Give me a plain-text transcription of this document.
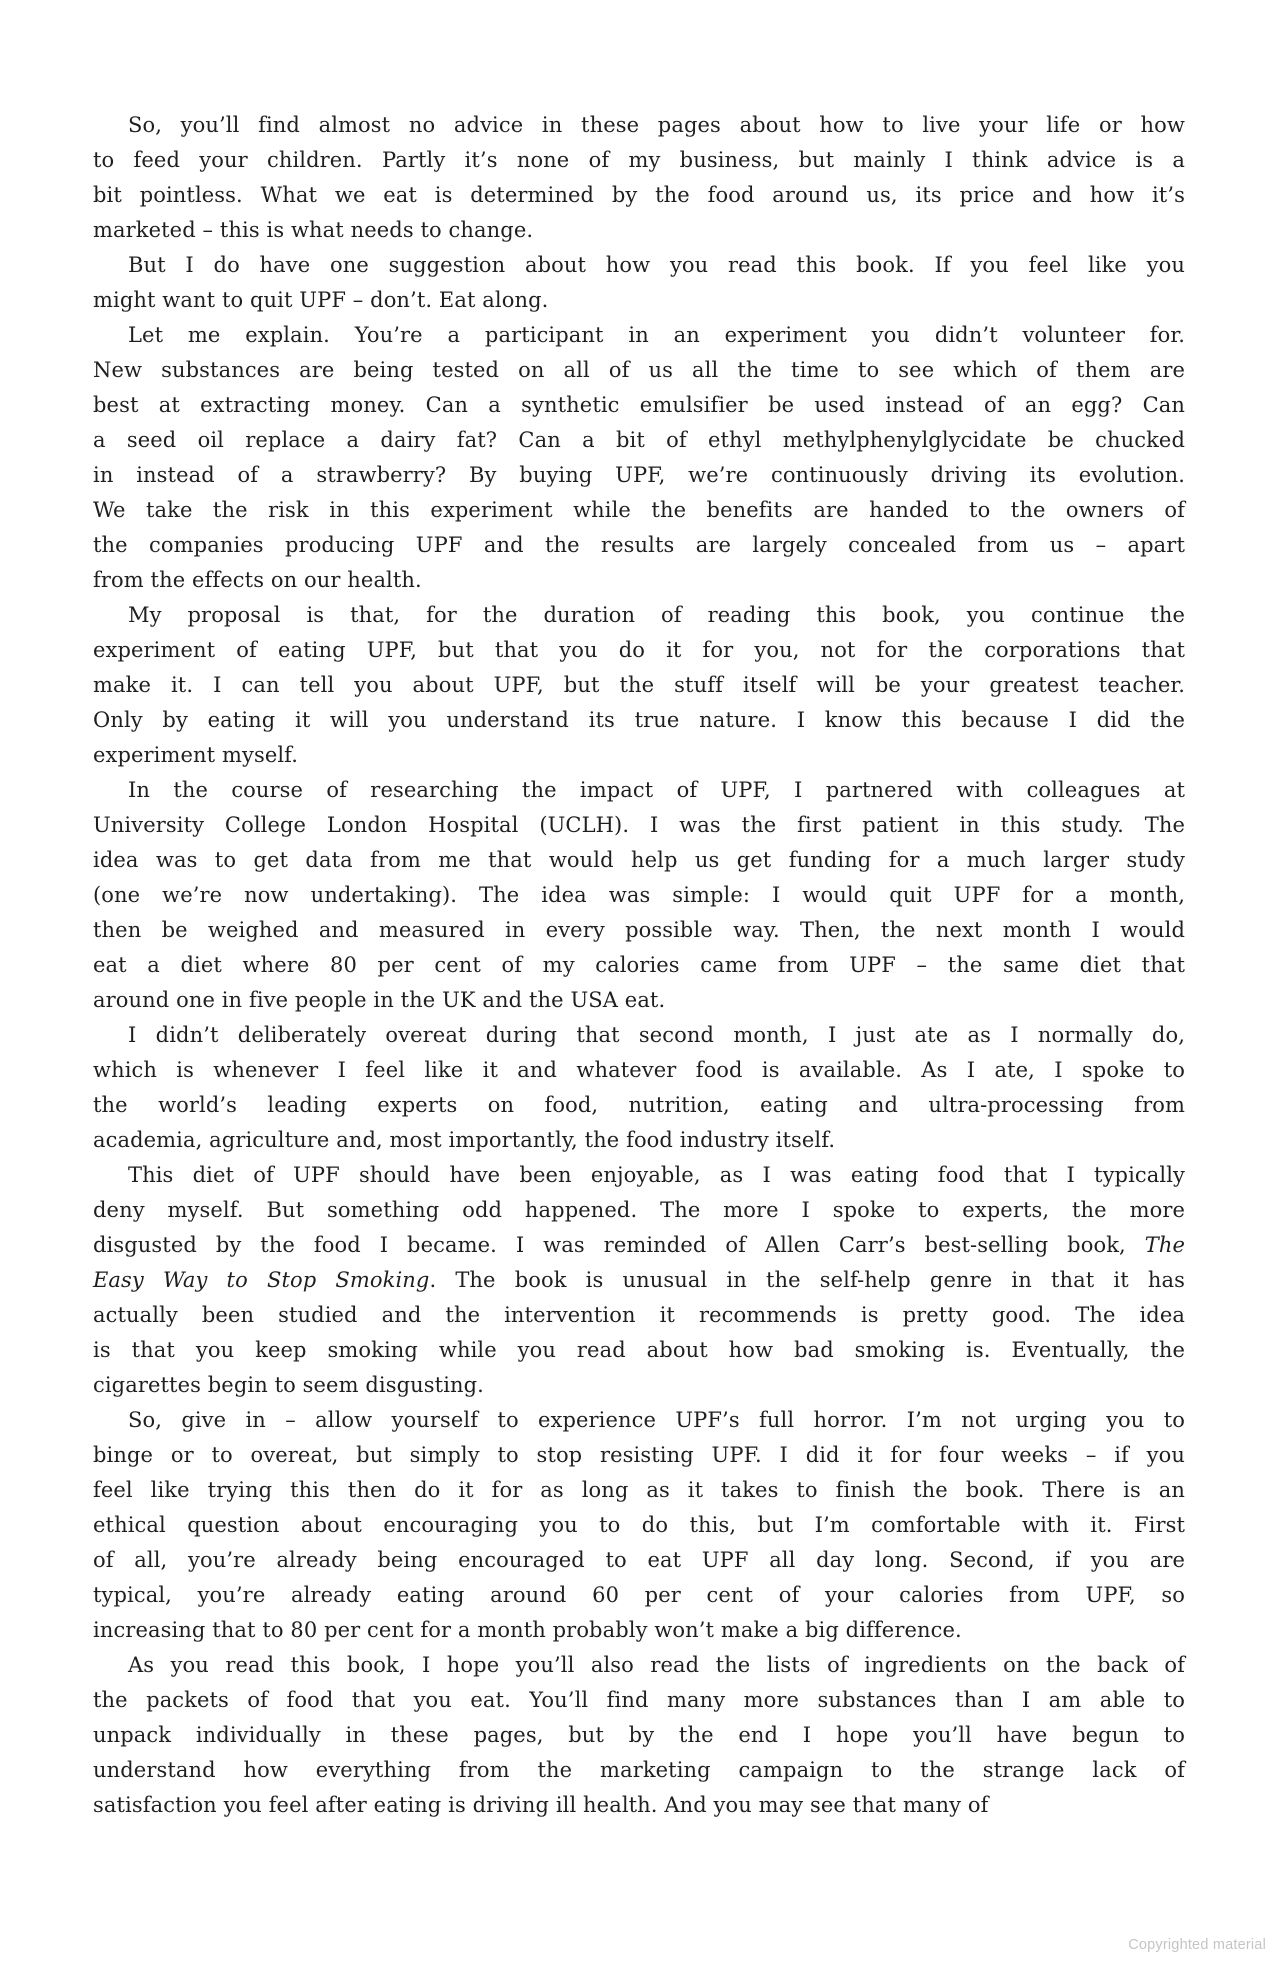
So, you’ll find almost no advice in these pages about how to live your life or how
to feed your children. Partly it’s none of my business, but mainly I think advice is a
bit pointless. What we eat is determined by the food around us, its price and how it’s
marketed – this is what needs to change.
But I do have one suggestion about how you read this book. If you feel like you
might want to quit UPF – don’t. Eat along.
Let me explain. You’re a participant in an experiment you didn’t volunteer for.
New substances are being tested on all of us all the time to see which of them are
best at extracting money. Can a synthetic emulsifier be used instead of an egg? Can
a seed oil replace a dairy fat? Can a bit of ethyl methylphenylglycidate be chucked
in instead of a strawberry? By buying UPF, we’re continuously driving its evolution.
We take the risk in this experiment while the benefits are handed to the owners of
the companies producing UPF and the results are largely concealed from us – apart
from the effects on our health.
My proposal is that, for the duration of reading this book, you continue the
experiment of eating UPF, but that you do it for you, not for the corporations that
make it. I can tell you about UPF, but the stuff itself will be your greatest teacher.
Only by eating it will you understand its true nature. I know this because I did the
experiment myself.
In the course of researching the impact of UPF, I partnered with colleagues at
University College London Hospital (UCLH). I was the first patient in this study. The
idea was to get data from me that would help us get funding for a much larger study
(one we’re now undertaking). The idea was simple: I would quit UPF for a month,
then be weighed and measured in every possible way. Then, the next month I would
eat a diet where 80 per cent of my calories came from UPF – the same diet that
around one in five people in the UK and the USA eat.
I didn’t deliberately overeat during that second month, I just ate as I normally do,
which is whenever I feel like it and whatever food is available. As I ate, I spoke to
the world’s leading experts on food, nutrition, eating and ultra-processing from
academia, agriculture and, most importantly, the food industry itself.
This diet of UPF should have been enjoyable, as I was eating food that I typically
deny myself. But something odd happened. The more I spoke to experts, the more
disgusted by the food I became. I was reminded of Allen Carr’s best-selling book, The
Easy Way to Stop Smoking. The book is unusual in the self-help genre in that it has
actually been studied and the intervention it recommends is pretty good. The idea
is that you keep smoking while you read about how bad smoking is. Eventually, the
cigarettes begin to seem disgusting.
So, give in – allow yourself to experience UPF’s full horror. I’m not urging you to
binge or to overeat, but simply to stop resisting UPF. I did it for four weeks – if you
feel like trying this then do it for as long as it takes to finish the book. There is an
ethical question about encouraging you to do this, but I’m comfortable with it. First
of all, you’re already being encouraged to eat UPF all day long. Second, if you are
typical, you’re already eating around 60 per cent of your calories from UPF, so
increasing that to 80 per cent for a month probably won’t make a big difference.
As you read this book, I hope you’ll also read the lists of ingredients on the back of
the packets of food that you eat. You’ll find many more substances than I am able to
unpack individually in these pages, but by the end I hope you’ll have begun to
understand how everything from the marketing campaign to the strange lack of
satisfaction you feel after eating is driving ill health. And you may see that many of
Copyrighted material
